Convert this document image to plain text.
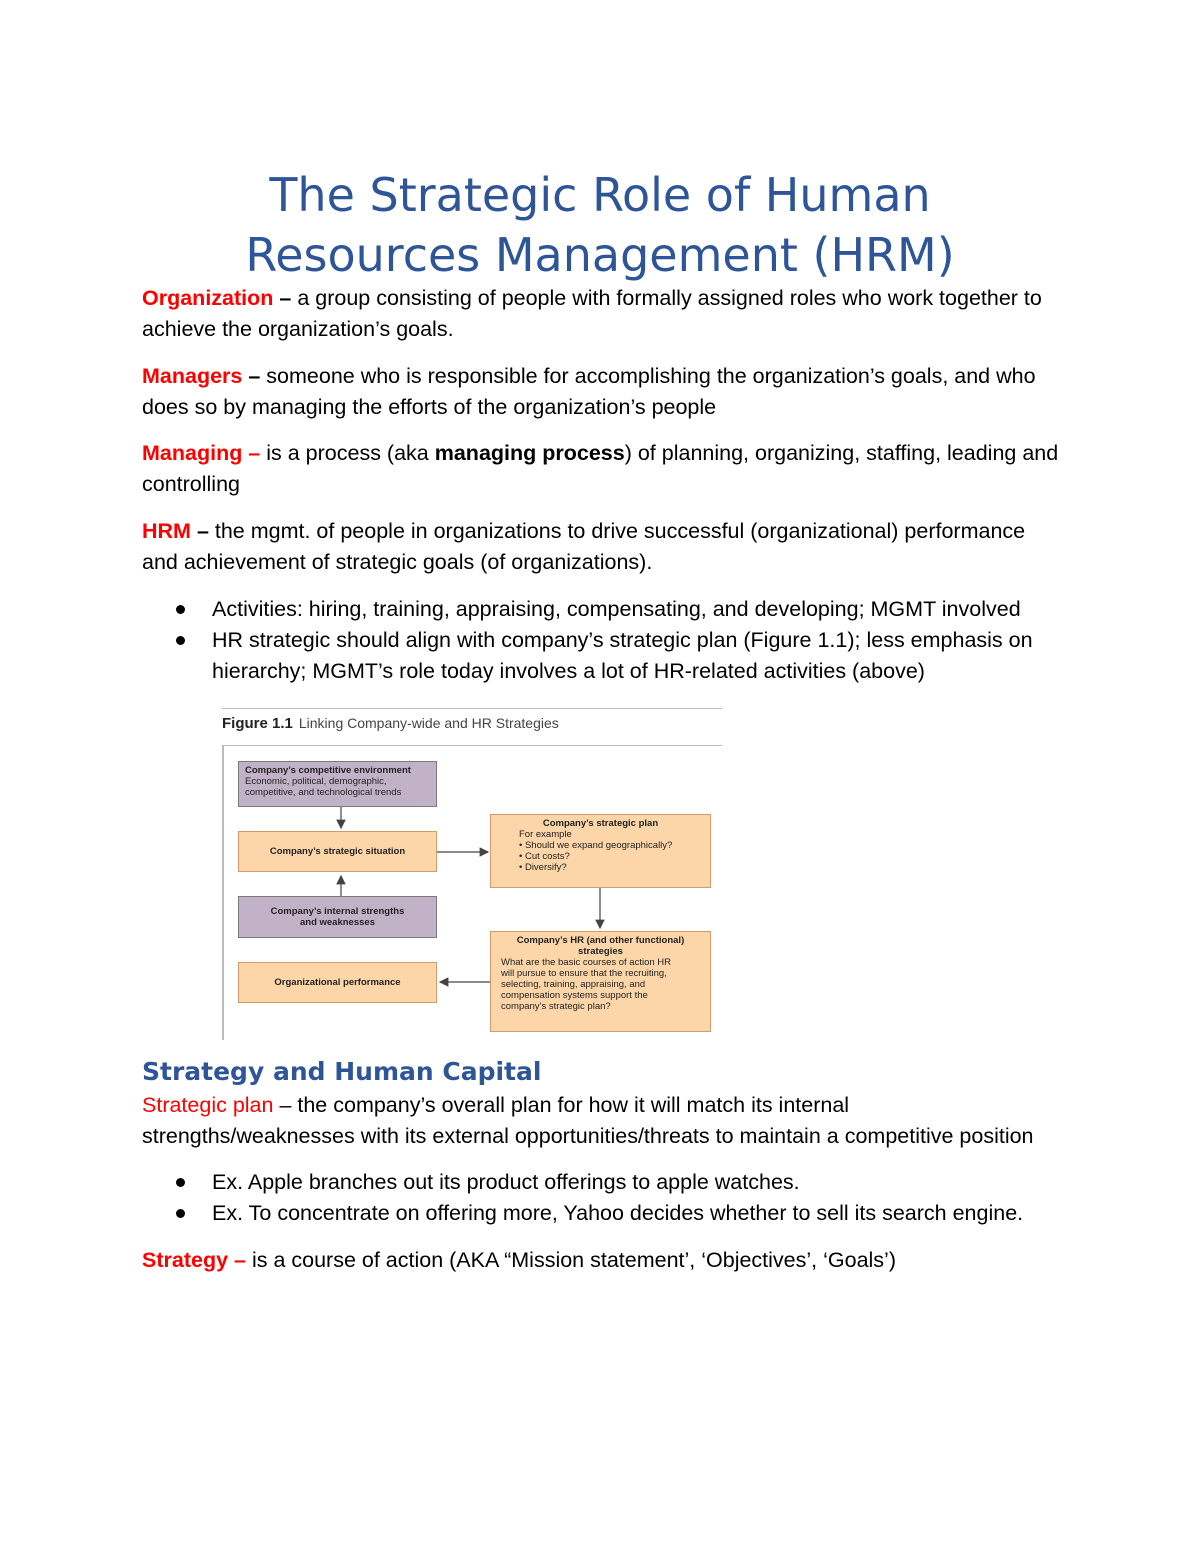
The Strategic Role of Human
Resources Management (HRM)
Organization – a group consisting of people with formally assigned roles who work together to
achieve the organization’s goals.
Managers – someone who is responsible for accomplishing the organization’s goals, and who
does so by managing the efforts of the organization’s people
Managing – is a process (aka managing process) of planning, organizing, staffing, leading and
controlling
HRM – the mgmt. of people in organizations to drive successful (organizational) performance
and achievement of strategic goals (of organizations).
Activities: hiring, training, appraising, compensating, and developing; MGMT involved
HR strategic should align with company’s strategic plan (Figure 1.1); less emphasis on hierarchy; MGMT’s role today involves a lot of HR-related activities (above)
Figure 1.1 Linking Company-wide and HR Strategies
Company’s competitive environment
Economic, political, demographic,
competitive, and technological trends
Company’s strategic situation
Company’s internal strengths
and weaknesses
Organizational performance
Company’s strategic plan
For example
• Should we expand geographically?
• Cut costs?
• Diversify?
Company’s HR (and other functional)
strategies
What are the basic courses of action HR
will pursue to ensure that the recruiting,
selecting, training, appraising, and
compensation systems support the
company’s strategic plan?
Strategy and Human Capital
Strategic plan – the company’s overall plan for how it will match its internal
strengths/weaknesses with its external opportunities/threats to maintain a competitive position
Ex. Apple branches out its product offerings to apple watches.
Ex. To concentrate on offering more, Yahoo decides whether to sell its search engine.
Strategy – is a course of action (AKA “Mission statement’, ‘Objectives’, ‘Goals’)
